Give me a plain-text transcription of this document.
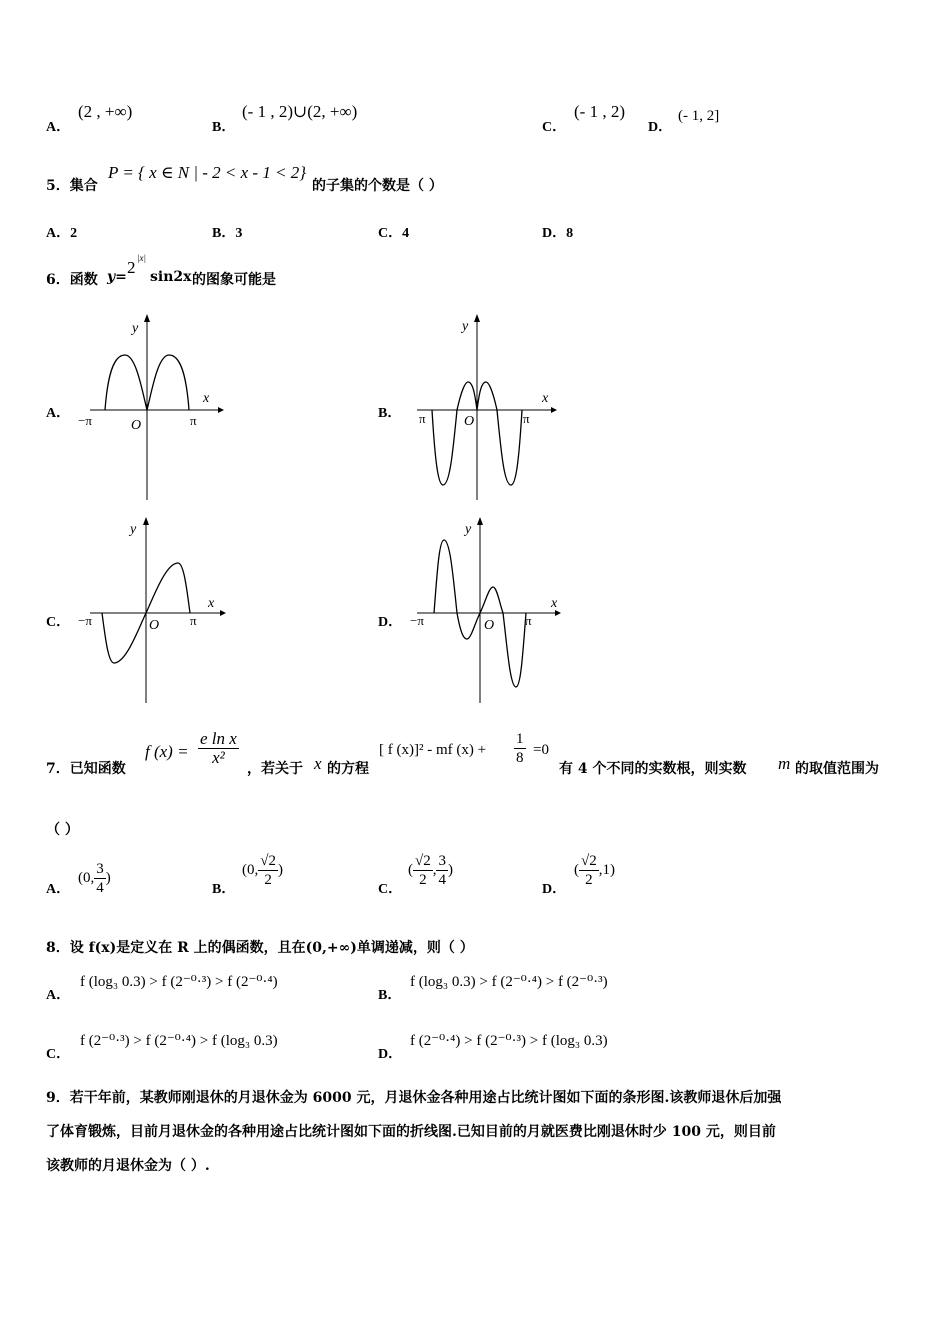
A．
(2 , +∞)
B．
(- 1 , 2)∪(2, +∞)
C．
(- 1 , 2)
D．
(- 1, 2]
5．集合
P = { x ∈ N | - 2 < x - 1 < 2}
的子集的个数是（ ）
A．2	B．3	C．4	D．8
6．函数 y= 2 |x|
sin2x 的图象可能是
A．	B．
C．	D．
y
x
O
−π	π
y
x
O
π	π
y
x
O
−π	π
y
x
O
−π	π
7．已知函数
f $(x) = \frac{\text{e ln x}}{\text{x²}}$
，若关于 x 的方程
[ f (x)]² - mf $(x) + \frac{1}{8} =0$
有 4 个不同的实数根，则实数 m 的取值范围为
（ ）
A．
(0, $\frac{3}{4}$ )
B．
(0, $\frac{√2}{2}$ )
C．
( $\frac{√2}{2}$ , $\frac{3}{4}$ )
D．
( $\frac{√2}{2} ,1$)
8．设 f(x)是定义在 R 上的偶函数，且在(0,+∞)单调递减，则（ ）
A．
f (log₃ 0.3) > f (2⁻⁰·³) > f (2⁻⁰·⁴)
B．
f (log₃ 0.3) > f (2⁻⁰·⁴) > f (2⁻⁰·³)
C．
f (2⁻⁰·³) > f (2⁻⁰·⁴) > f (log₃ 0.3)
D．
f (2⁻⁰·⁴) > f (2⁻⁰·³) > f (log₃ 0.3)
9．若干年前，某教师刚退休的月退休金为 6000 元，月退休金各种用途占比统计图如下面的条形图.该教师退休后加强
了体育锻炼，目前月退休金的各种用途占比统计图如下面的折线图.已知目前的月就医费比刚退休时少 100 元，则目前
该教师的月退休金为（ ）.
